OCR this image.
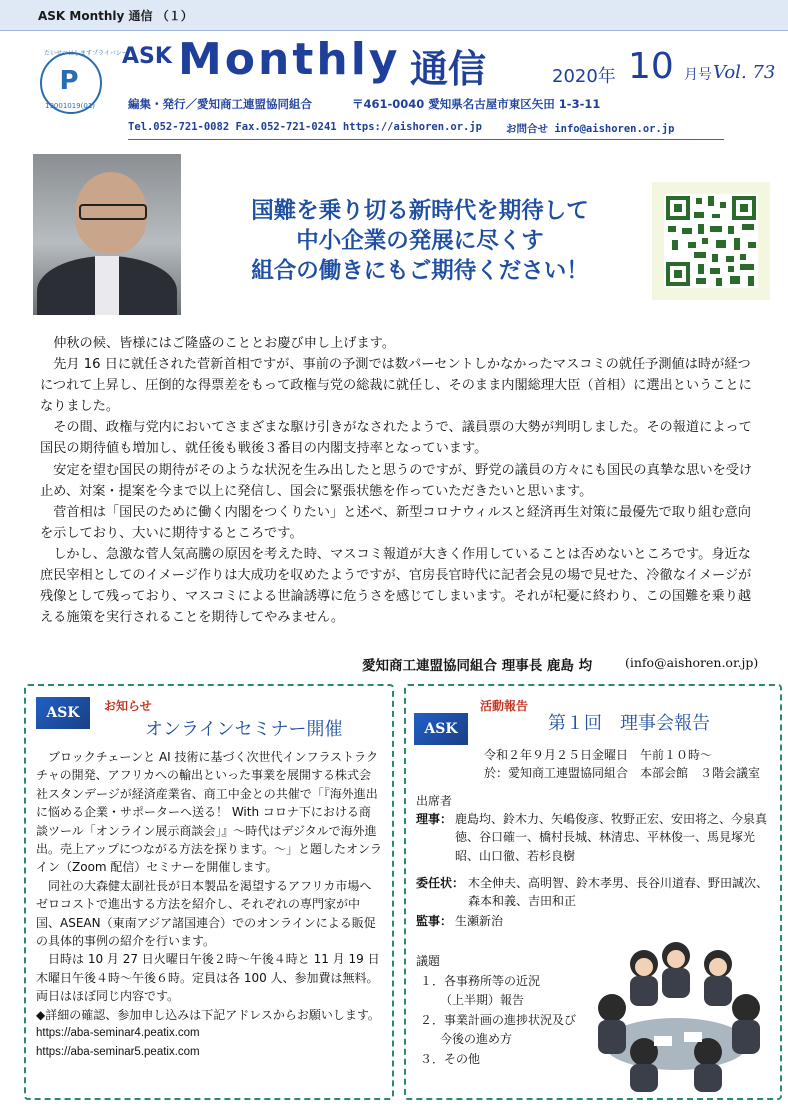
ASK Monthly 通信 （１）
P
たいせつにしますプライバシー
19001019(01)
ASK Monthly 通信	2020年 10 月号 Vol. 73
編集・発行／愛知商工連盟協同組合	〒461-0040 愛知県名古屋市東区矢田 1-3-11
Tel.052-721-0082 Fax.052-721-0241 https://aishoren.or.jp お問合せ info@aishoren.or.jp
国難を乗り切る新時代を期待して
中小企業の発展に尽くす
組合の働きにもご期待ください！

仲秋の候、皆様にはご隆盛のこととお慶び申し上げます。

先月 16 日に就任された菅新首相ですが、事前の予測では数パーセントしかなかったマスコミの就任予測値は時が経つにつれて上昇し、圧倒的な得票差をもって政権与党の総裁に就任し、そのまま内閣総理大臣（首相）に選出ということになりました。

その間、政権与党内においてさまざまな駆け引きがなされたようで、議員票の大勢が判明しました。その報道によって国民の期待値も増加し、就任後も戦後３番目の内閣支持率となっています。

安定を望む国民の期待がそのような状況を生み出したと思うのですが、野党の議員の方々にも国民の真摯な思いを受け止め、対案・提案を今まで以上に発信し、国会に緊張状態を作っていただきたいと思います。

菅首相は「国民のために働く内閣をつくりたい」と述べ、新型コロナウィルスと経済再生対策に最優先で取り組む意向を示しており、大いに期待するところです。

しかし、急激な菅人気高騰の原因を考えた時、マスコミ報道が大きく作用していることは否めないところです。身近な庶民宰相としてのイメージ作りは大成功を収めたようですが、官房長官時代に記者会見の場で見せた、冷徹なイメージが残像として残っており、マスコミによる世論誘導に危うさを感じてしまいます。それが杞憂に終わり、この国難を乗り越える施策を実行されることを期待してやみません。

愛知商工連盟協同組合 理事長 鹿島 均	(info@aishoren.or.jp)
ASK	お知らせ
オンラインセミナー開催

ブロックチェーンと AI 技術に基づく次世代インフラストラクチャの開発、アフリカへの輸出といった事業を展開する株式会社スタンデージが経済産業省、商工中金との共催で「『海外進出に悩める企業・サポーターへ送る！ With コロナ下における商談ツール「オンライン展示商談会」』～時代はデジタルで海外進出。売上アップにつながる方法を探ります。～」と題したオンライン（Zoom 配信）セミナーを開催します。

同社の大森健太副社長が日本製品を渇望するアフリカ市場へゼロコストで進出する方法を紹介し、それぞれの専門家が中国、ASEAN（東南アジア諸国連合）でのオンラインによる販促の具体的事例の紹介を行います。

日時は 10 月 27 日火曜日午後２時～午後４時と 11 月 19 日木曜日午後４時～午後６時。定員は各 100 人、参加費は無料。両日はほぼ同じ内容です。

◆詳細の確認、参加申し込みは下記アドレスからお願いします。
https://aba-seminar4.peatix.com
https://aba-seminar5.peatix.com
ASK
活動報告
第１回　理事会報告
令和２年９月２５日金曜日　午前１０時～
於：愛知商工連盟協同組合　本部会館　３階会議室
出席者
理事： 鹿島均、鈴木力、矢嶋俊彦、牧野正宏、安田将之、今泉真徳、谷口確一、橋村長城、林清忠、平林俊一、馬見塚光昭、山口徹、若杉良樹
委任状： 木全伸夫、高明智、鈴木孝男、長谷川道春、野田誠次、森本和義、吉田和正
監事： 生瀬新治
議題
１．各事務所等の近況
（上半期）報告
２．事業計画の進捗状況及び
今後の進め方
３．その他
